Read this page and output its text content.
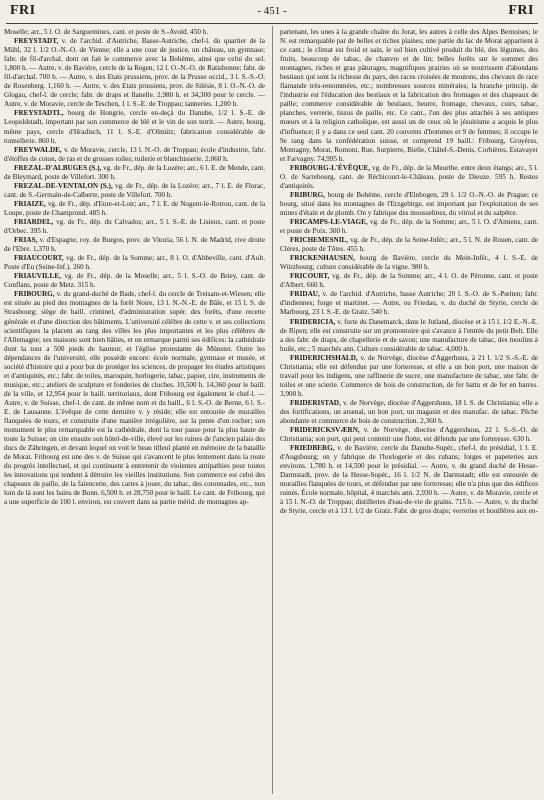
FRI	- 451 -	FRI

Moselle; arr., 5 l. O. de Sarguemines, cant. et poste de S.-Avold. 450 h.

FREYSTADT, v. de l'archid. d'Autriche, Basse-Autriche, chef-l. du quartier de la Mühl, 32 l. 1/2 O.-N.-O. de Vienne; elle a une cour de justice, un château, un gymnase; fabr. de fil-d'archal, dont on fait le commerce avec la Bohème, ainsi que celui du sel. 1,800 h. — Autre, v. de Bavière, cercle de la Regen, 12 l. O.-N.-O. de Ratisbonne; fabr. de fil-d'archal. 700 h. — Autre, v. des Etats prussiens, prov. de la Prusse occid., 3 l. S.-S.-O. de Rosenberg. 1,160 h. — Autre, v. des Etats prussiens, prov. de Silésie, 8 l. O.-N.-O. de Glogau, chef-l. de cercle; fabr. de draps et flanelle. 2,980 h. et 34,300 pour le cercle. — Autre, v. de Moravie, cercle de Teschen, 1 l. S.-E. de Troppau; tanneries. 1,200 h.

FREYSTADTL, bourg de Hongrie, cercle en-deçà du Danube, 1/2 l. S.-E. de Leopoldstadt, important par son commerce de blé et le vin de son territ. — Autre, bourg, même pays, cercle d'Hradisch, 11 l. S.-E. d'Olmütz; fabrication considérable de tonnellerie. 860 h.

FREYWALDE, v. de Moravie, cercle, 13 l. N.-O. de Troppau; école d'industrie, fabr. d'étoffes de coton, de ras et de grosses toiles; tuilerie et blanchisserie. 2,060 h.

FREZAL-D'ALBUGES (S.), vg. de Fr., dép. de la Lozère; arr., 6 l. E. de Mende, cant. de Bleymard, poste de Villefort. 300 h.

FREZAL-DE-VENTALON (S.), vg. de Fr., dép. de la Lozère; arr., 7 l. E. de Florac, cant. de S.-Germain-de-Calberte, poste de Villefort. 700 h.

FRIAIZE, vg. de Fr., dép. d'Eure-et-Loir; arr., 7 l. E. de Nogent-le-Rotrou, cant. de la Loupe, poste de Champrond. 485 h.

FRIARDEL, vg. de Fr., dép. du Calvados; arr., 5 l. S.-E. de Lisieux, cant. et poste d'Orbec. 395 h.

FRIAS, v. d'Espagne, roy. de Burgos, prov. de Vitoria, 56 l. N. de Madrid, rive droite de l'Ebre. 1,370 h.

FRIAUCOURT, vg. de Fr., dép. de la Somme; arr., 8 l. O. d'Abbeville, cant. d'Ault. Poste d'Eu (Seine-Inf.). 260 h.

FRIAUVILLE, vg. de Fr., dép. de la Moselle; arr., 5 l. S.-O. de Briey, cant. de Conflans, poste de Metz. 315 h.

FRIBOURG, v. du grand-duché de Bade, chef-l. du cercle de Treisam-et-Wiesen; elle est située au pied des montagnes de la forêt Noire, 13 l. N.-N.-E. de Bâle, et 15 l. S. de Strasbourg; siège de baill. criminel, d'administration supér. des forêts, d'une recette générale et d'une direction des bâtiments. L'université célèbre de cette v. et ses collections scientifiques la placent au rang des villes les plus importantes et les plus célèbres de l'Allemagne; ses maisons sont bien bâties, et on remarque parmi ses édifices: la cathédrale dont la tour a 500 pieds de hauteur, et l'église protestante de Münster. Outre les dépendances de l'université, elle possède encore: école normale, gymnase et musée, et société d'histoire qui a pour but de protéger les sciences, de propager les études artistiques et d'antiquités, etc.; fabr. de toiles, maroquin, horlogerie, tabac, papier, cire, instruments de musique, etc.; ateliers de sculpture et fonderies de cloches. 10,500 h. 14,360 pour le baill. de la ville, et 12,954 pour le baill. territoriaux, dont Fribourg est également le chef-l. — Autre, v. de Suisse, chef-l. de cant. de même nom et du baill., 6 l. S.-O. de Berne, 6 l. S.-E. de Lausanne. L'évêque de cette dernière v. y réside; elle est entourée de murailles flanquées de tours, et construite d'une manière irrégulière, sur la pente d'un rocher; son monument le plus remarquable est la cathédrale, dont la tour passe pour la plus haute de toute la Suisse; on cite ensuite son hôtel-de-ville, élevé sur les ruines de l'ancien palais des ducs de Zähringen, et devant lequel on voit le beau tilleul planté en mémoire de la bataille de Morat. Fribourg est une des v. de Suisse qui s'avancent le plus lentement dans la route du progrès intellectuel, et qui continuent à entretenir de violentes antipathies pour toutes les innovations qui tendent à détruire les vieilles institutions. Son commerce est celui des chapeaux de paille, de la faïencerie, des cartes à jouer, du tabac, des cotonnades, etc., non loin de là sont les bains de Bonn. 6,500 h. et 28,750 pour le baill. Le cant. de Fribourg, qui a une superficie de 100 l. environ, est couvert dans sa partie mérid. de montagnes ap-

partenant, les unes à la grande chaîne du Jorat, les autres à celle des Alpes Bernoises; le N. est remarquable par de belles et riches plaines; une partie du lac de Morat appartient à ce cant.; le climat est froid et sain, le sol bien cultivé produit du blé, des légumes, des fruits, beaucoup de tabac, de chanvre et de lin; belles forêts sur le sommet des montagnes, riches et gras pâturages, magnifiques prairies où se nourrissent d'abondans bestiaux qui sont la richesse du pays, des races croisées de moutons, des chevaux de race flamande très-renommées, etc.; nombreuses sources minérales; la branche princip. de l'industrie est l'éducation des bestiaux et la fabrication des fromages et des chapeaux de paille; commerce considérable de bestiaux, beurre, fromage, chevaux, cuirs, tabac, planches, verrerie, tissus de paille, etc. Ce cant., l'un des plus attachés à ses antiques mœurs et à la religion catholique, est aussi un de ceux où le jésuitisme a acquis le plus d'influence; il y a dans ce seul cant. 20 couvents d'hommes et 9 de femmes; il occupe le 9e rang dans la confédération suisse, et comprend 19 baill.: Fribourg, Gruyères, Montagny, Morat, Romont, Rue, Surpierre, Bielle, Châtel-S.-Denis, Corbières, Estavayer et Farvagny. 74,995 h.

FRIBOURG-L'ÉVÊQUE, vg. de Fr., dép. de la Meurthe, entre deux étangs; arr., 5 l. O. de Sarrebourg, cant. de Réchicourt-le-Château, poste de Dieuze. 595 h. Restes d'antiquités.

FRIBURG, bourg de Bohème, cercle d'Elnbogen, 29 l. 1/2 O.-N.-O. de Prague; ce bourg, situé dans les montagnes de l'Erzgebirge, est important par l'exploitation de ses mines d'étain et de plomb. On y fabrique des mousselines, du vitriol et du salpêtre.

FRICAMPS-LE-VIAGE, vg. de Fr., dép. de la Somme; arr., 5 l. O. d'Amiens, cant. et poste de Poix. 300 h.

FRICHEMESNIL, vg. de Fr., dép. de la Seine-Infér.; arr., 5 l. N. de Rouen, cant. de Clères, poste de Tôtes. 455 h.

FRICKENHAUSEN, bourg de Bavière, cercle du Mein-Infér., 4 l. S.-E. de Würzbourg; culture considérable de la vigne. 980 h.

FRICOURT, vg. de Fr., dép. de la Somme; arr., 4 l. O. de Péronne, cant. et poste d'Albert. 660 h.

FRIDAU, v. de l'archid. d'Autriche, basse Autriche; 20 l. S.-O. de S.-Pœlten; fabr. d'indiennes; forge et martinet. — Autre, ou Friedau, v. du duché de Styrie, cercle de Marbourg, 23 l. S.-E. de Gratz. 540 h.

FRIDERICIA, v. forte du Danemarck, dans le Jutland, diocèse et à 15 l. 1/2 E.-N.-E. de Ripen; elle est construite sur un promontoire qui s'avance à l'entrée du petit Belt. Elle a des fabr. de draps, de chapellerie et de savon; une manufacture de tabac, des moulins à huile, etc.; 5 marchés ann. Culture considérable de tabac. 4,000 h.

FRIDERICHSHALD, v. de Norvège, diocèse d'Aggerhuus, à 21 l. 1/2 S.-S.-E. de Christiania; elle est défendue par une forteresse, et elle a un bon port, une maison de travail pour les indigens, une raffinerie de sucre, une manufacture de tabac, une fabr. de toiles et une scierie. Commerce de bois de construction, de fer battu et de fer en barres. 3,900 h.

FRIDERISTAD, v. de Norvège, diocèse d'Aggershuus, 18 l. S. de Christiania; elle a des fortifications, un arsenal, un bon port, un magasin et des manufac. de tabac. Pêche abondante et commerce de bois de construction. 2,360 h.

FRIDERICKSVÆRN, v. de Norvège, diocèse d'Aggershuus, 22 l. S.-S.-O. de Christiania; son port, qui peut contenir une flotte, est défendu par une forteresse. 630 h.

FRIEDBERG, v. de Bavière, cercle du Danube-Supér., chef-l. du présidial, 1 l. E. d'Augsbourg; on y fabrique de l'horlogerie et des rubans; forges et papeteries aux environs. 1,780 h. et 14,500 pour le présidial. — Autre, v. du grand duché de Hesse-Darmstadt, prov. de la Hesse-Supér., 16 l. 1/2 N. de Darmstadt; elle est entourée de murailles flanquées de tours, et défendue par une forteresse; elle n'a plus que des édifices ruinés. École normale, hôpital, 4 marchés ann. 2,930 h. — Autre, v. de Moravie, cercle et à 15 l. N.-O. de Troppau; distilleries d'eau-de-vie de grains. 715 h. — Autre, v. du duché de Styrie, cercle et à 13 l. 1/2 de Gratz. Fabr. de gros draps; verreries et houillères aux en-
